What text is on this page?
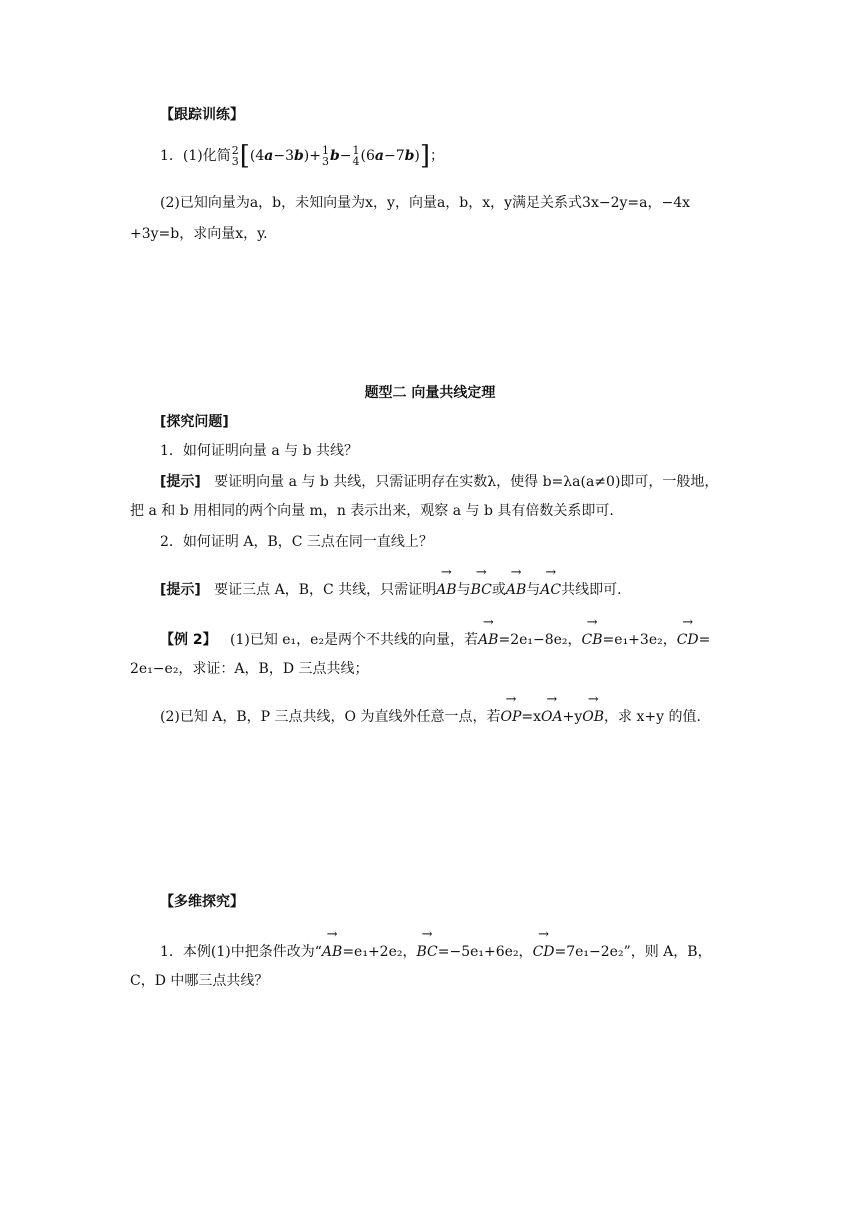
【跟踪训练】
1．(1)化简 2
3 [(4a−3b)+ 1
3 b− 1
4 (6a−7b)]；
(2)已知向量为a，b，未知向量为x，y，向量a，b，x，y满足关系式3x−2y=a，−4x
+3y=b，求向量x，y.
题型二 向量共线定理
[探究问题]
1．如何证明向量 a 与 b 共线？
[提示] 要证明向量 a 与 b 共线，只需证明存在实数λ，使得 b=λa(a≠0)即可，一般地，
把 a 和 b 用相同的两个向量 m，n 表示出来，观察 a 与 b 具有倍数关系即可.
2．如何证明 A，B，C 三点在同一直线上？
[提示] 要证三点 A，B，C 共线，只需证明→ AB与→ BC或→ AB与→ AC共线即可.
【例 2】 (1)已知 e₁，e₂是两个不共线的向量，若→ AB=2e₁−8e₂，→ CB=e₁+3e₂，→ CD=
2e₁−e₂，求证：A，B，D 三点共线；
(2)已知 A，B，P 三点共线，O 为直线外任意一点，若→ OP=x→ OA+y→ OB，求 x+y 的值.
【多维探究】
1．本例(1)中把条件改为“→ AB=e₁+2e₂，→ BC=−5e₁+6e₂，→ CD=7e₁−2e₂”，则 A，B，
C，D 中哪三点共线？
